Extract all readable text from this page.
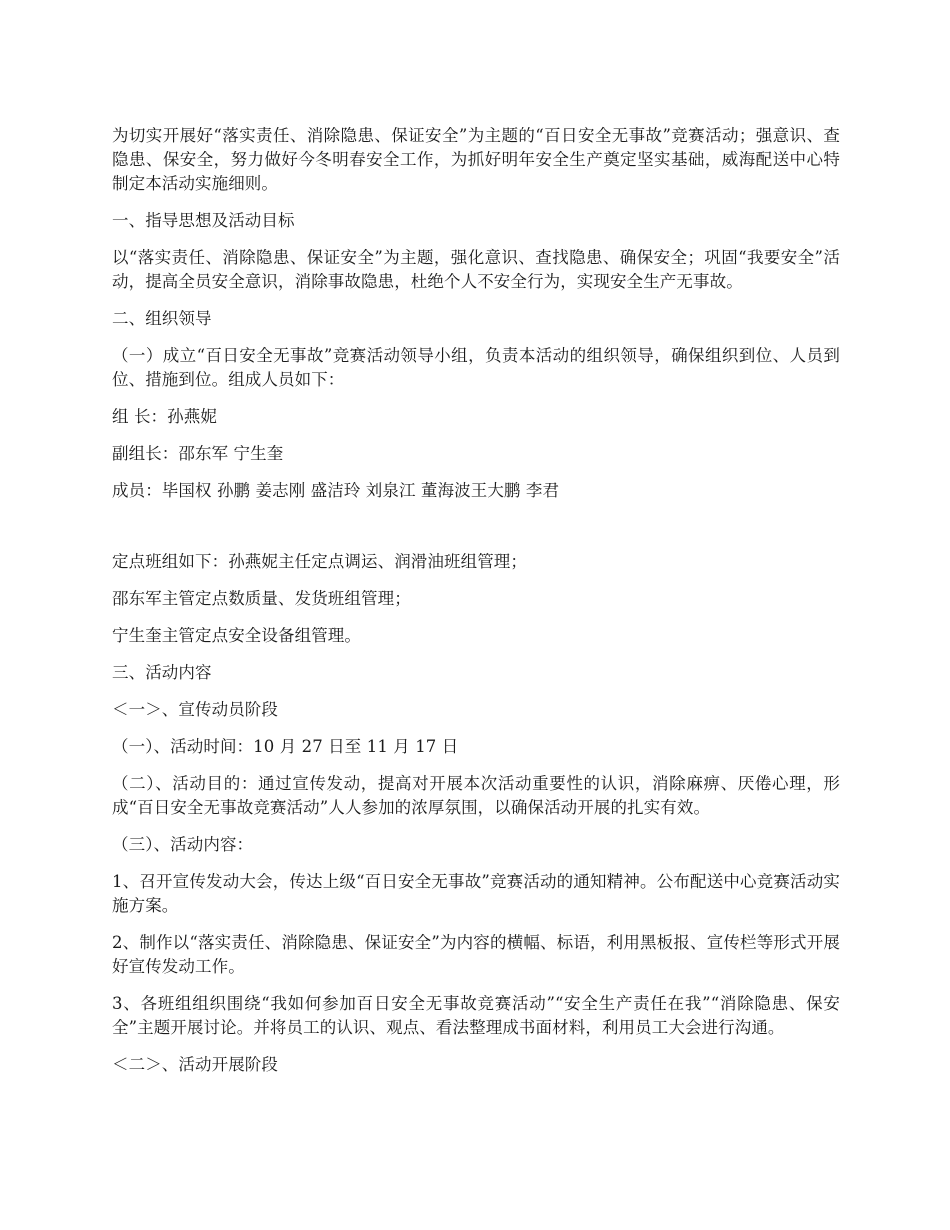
为切实开展好“落实责任、消除隐患、保证安全”为主题的“百日安全无事故”竞赛活动；强意识、查隐患、保安全，努力做好今冬明春安全工作，为抓好明年安全生产奠定坚实基础，威海配送中心特制定本活动实施细则。

一、指导思想及活动目标

以“落实责任、消除隐患、保证安全”为主题，强化意识、查找隐患、确保安全；巩固“我要安全”活动，提高全员安全意识，消除事故隐患，杜绝个人不安全行为，实现安全生产无事故。

二、组织领导

（一）成立“百日安全无事故”竞赛活动领导小组，负责本活动的组织领导，确保组织到位、人员到位、措施到位。组成人员如下：

组 长：孙燕妮

副组长：邵东军 宁生奎

成员：毕国权 孙鹏 姜志刚 盛洁玲 刘泉江 董海波王大鹏 李君

定点班组如下：孙燕妮主任定点调运、润滑油班组管理；

邵东军主管定点数质量、发货班组管理；

宁生奎主管定点安全设备组管理。

三、活动内容

＜一＞、宣传动员阶段

（一）、活动时间：10 月 27 日至 11 月 17 日

（二）、活动目的：通过宣传发动，提高对开展本次活动重要性的认识，消除麻痹、厌倦心理，形成“百日安全无事故竞赛活动”人人参加的浓厚氛围，以确保活动开展的扎实有效。

（三）、活动内容：

1、召开宣传发动大会，传达上级“百日安全无事故”竞赛活动的通知精神。公布配送中心竞赛活动实施方案。

2、制作以“落实责任、消除隐患、保证安全”为内容的横幅、标语，利用黑板报、宣传栏等形式开展好宣传发动工作。

3、各班组组织围绕“我如何参加百日安全无事故竞赛活动”“安全生产责任在我”“消除隐患、保安全”主题开展讨论。并将员工的认识、观点、看法整理成书面材料，利用员工大会进行沟通。

＜二＞、活动开展阶段
